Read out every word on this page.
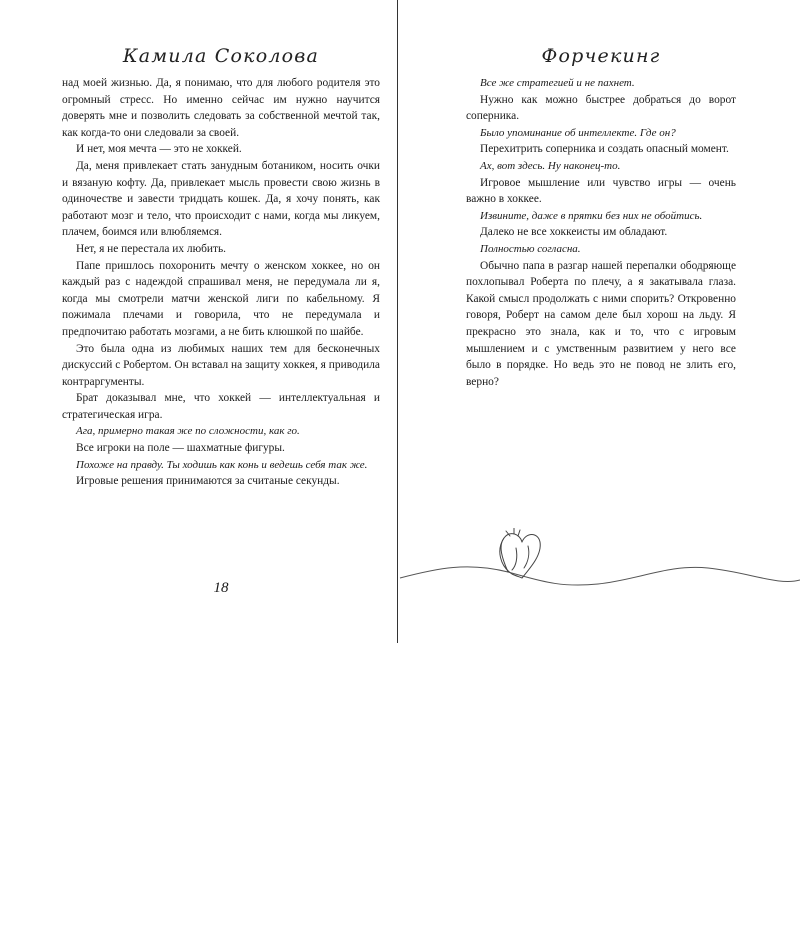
Камила Соколова

над моей жизнью. Да, я понимаю, что для любого родителя это огромный стресс. Но именно сейчас им нужно научится доверять мне и позволить следовать за собственной мечтой так, как когда-то они следовали за своей.

И нет, моя мечта — это не хоккей.

Да, меня привлекает стать занудным ботаником, носить очки и вязаную кофту. Да, привлекает мысль провести свою жизнь в одиночестве и завести тридцать кошек. Да, я хочу понять, как работают мозг и тело, что происходит с нами, когда мы ликуем, плачем, боимся или влюбляемся.

Нет, я не перестала их любить.

Папе пришлось похоронить мечту о женском хоккее, но он каждый раз с надеждой спрашивал меня, не передумала ли я, когда мы смотрели матчи женской лиги по кабельному. Я пожимала плечами и говорила, что не передумала и предпочитаю работать мозгами, а не бить клюшкой по шайбе.

Это была одна из любимых наших тем для бесконечных дискуссий с Робертом. Он вставал на защиту хоккея, я приводила контраргументы.

Брат доказывал мне, что хоккей — интеллектуальная и стратегическая игра.

Ага, примерно такая же по сложности, как го.

Все игроки на поле — шахматные фигуры.

Похоже на правду. Ты ходишь как конь и ведешь себя так же.

Игровые решения принимаются за считаные секунды.

18
Форчекинг

Все же стратегией и не пахнет.

Нужно как можно быстрее добраться до ворот соперника.

Было упоминание об интеллекте. Где он?

Перехитрить соперника и создать опасный момент.

Ах, вот здесь. Ну наконец-то.

Игровое мышление или чувство игры — очень важно в хоккее.

Извините, даже в прятки без них не обойтись.

Далеко не все хоккеисты им обладают.

Полностью согласна.

Обычно папа в разгар нашей перепалки ободряюще похлопывал Роберта по плечу, а я закатывала глаза. Какой смысл продолжать с ними спорить? Откровенно говоря, Роберт на самом деле был хорош на льду. Я прекрасно это знала, как и то, что с игровым мышлением и с умственным развитием у него все было в порядке. Но ведь это не повод не злить его, верно?
